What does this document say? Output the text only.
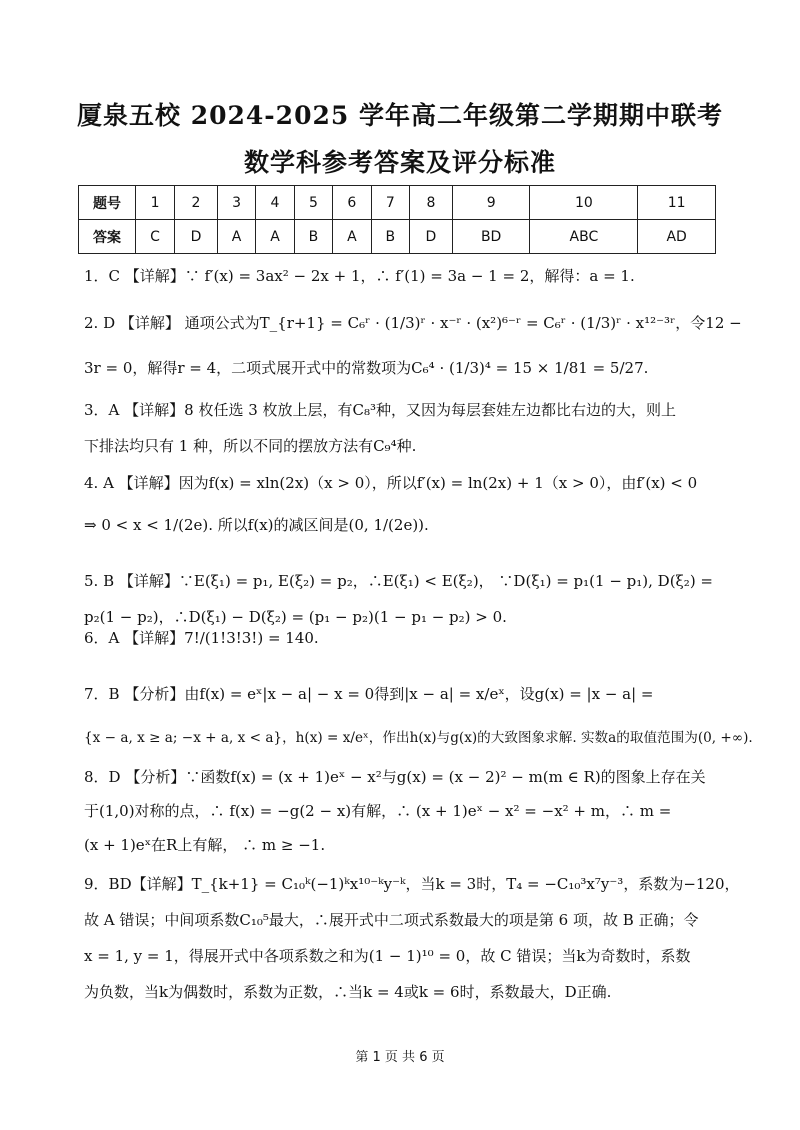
厦泉五校 2024-2025 学年高二年级第二学期期中联考
数学科参考答案及评分标准
题号	1	2	3	4	5	6	7	8	9	10	11
答案	C	D	A	A	B	A	B	D	BD	ABC	AD

1．C 【详解】∵ f′(x) = 3ax² − 2x + 1，∴ f′(1) = 3a − 1 = 2，解得：a = 1.

2. D 【详解】 通项公式为T_{r+1} = C₆ʳ · (1/3)ʳ · x⁻ʳ · (x²)⁶⁻ʳ = C₆ʳ · (1/3)ʳ · x¹²⁻³ʳ，令12 −

3r = 0，解得r = 4，二项式展开式中的常数项为C₆⁴ · (1/3)⁴ = 15 × 1/81 = 5/27.

3．A 【详解】8 枚任选 3 枚放上层，有C₈³种，又因为每层套娃左边都比右边的大，则上

下排法均只有 1 种，所以不同的摆放方法有C₉⁴种.

4. A 【详解】因为f(x) = xln(2x)（x > 0），所以f′(x) = ln(2x) + 1（x > 0），由f′(x) < 0

⇒ 0 < x < 1/(2e). 所以f(x)的减区间是(0, 1/(2e)).

5. B 【详解】∵E(ξ₁) = p₁, E(ξ₂) = p₂，∴E(ξ₁) < E(ξ₂)， ∵D(ξ₁) = p₁(1 − p₁), D(ξ₂) =

p₂(1 − p₂)，∴D(ξ₁) − D(ξ₂) = (p₁ − p₂)(1 − p₁ − p₂) > 0.

6．A 【详解】7!/(1!3!3!) = 140.

7．B 【分析】由f(x) = eˣ|x − a| − x = 0得到|x − a| = x/eˣ，设g(x) = |x − a| =

{x − a, x ≥ a; −x + a, x < a}，h(x) = x/eˣ，作出h(x)与g(x)的大致图象求解. 实数a的取值范围为(0, +∞).

8．D 【分析】∵函数f(x) = (x + 1)eˣ − x²与g(x) = (x − 2)² − m(m ∈ R)的图象上存在关

于(1,0)对称的点，∴ f(x) = −g(2 − x)有解，∴ (x + 1)eˣ − x² = −x² + m，∴ m =

(x + 1)eˣ在R上有解， ∴ m ≥ −1.

9．BD【详解】T_{k+1} = C₁₀ᵏ(−1)ᵏx¹⁰⁻ᵏy⁻ᵏ，当k = 3时，T₄ = −C₁₀³x⁷y⁻³，系数为−120，

故 A 错误；中间项系数C₁₀⁵最大，∴展开式中二项式系数最大的项是第 6 项，故 B 正确；令

x = 1, y = 1，得展开式中各项系数之和为(1 − 1)¹⁰ = 0，故 C 错误；当k为奇数时，系数

为负数，当k为偶数时，系数为正数，∴当k = 4或k = 6时，系数最大，D正确.

第 1 页 共 6 页
